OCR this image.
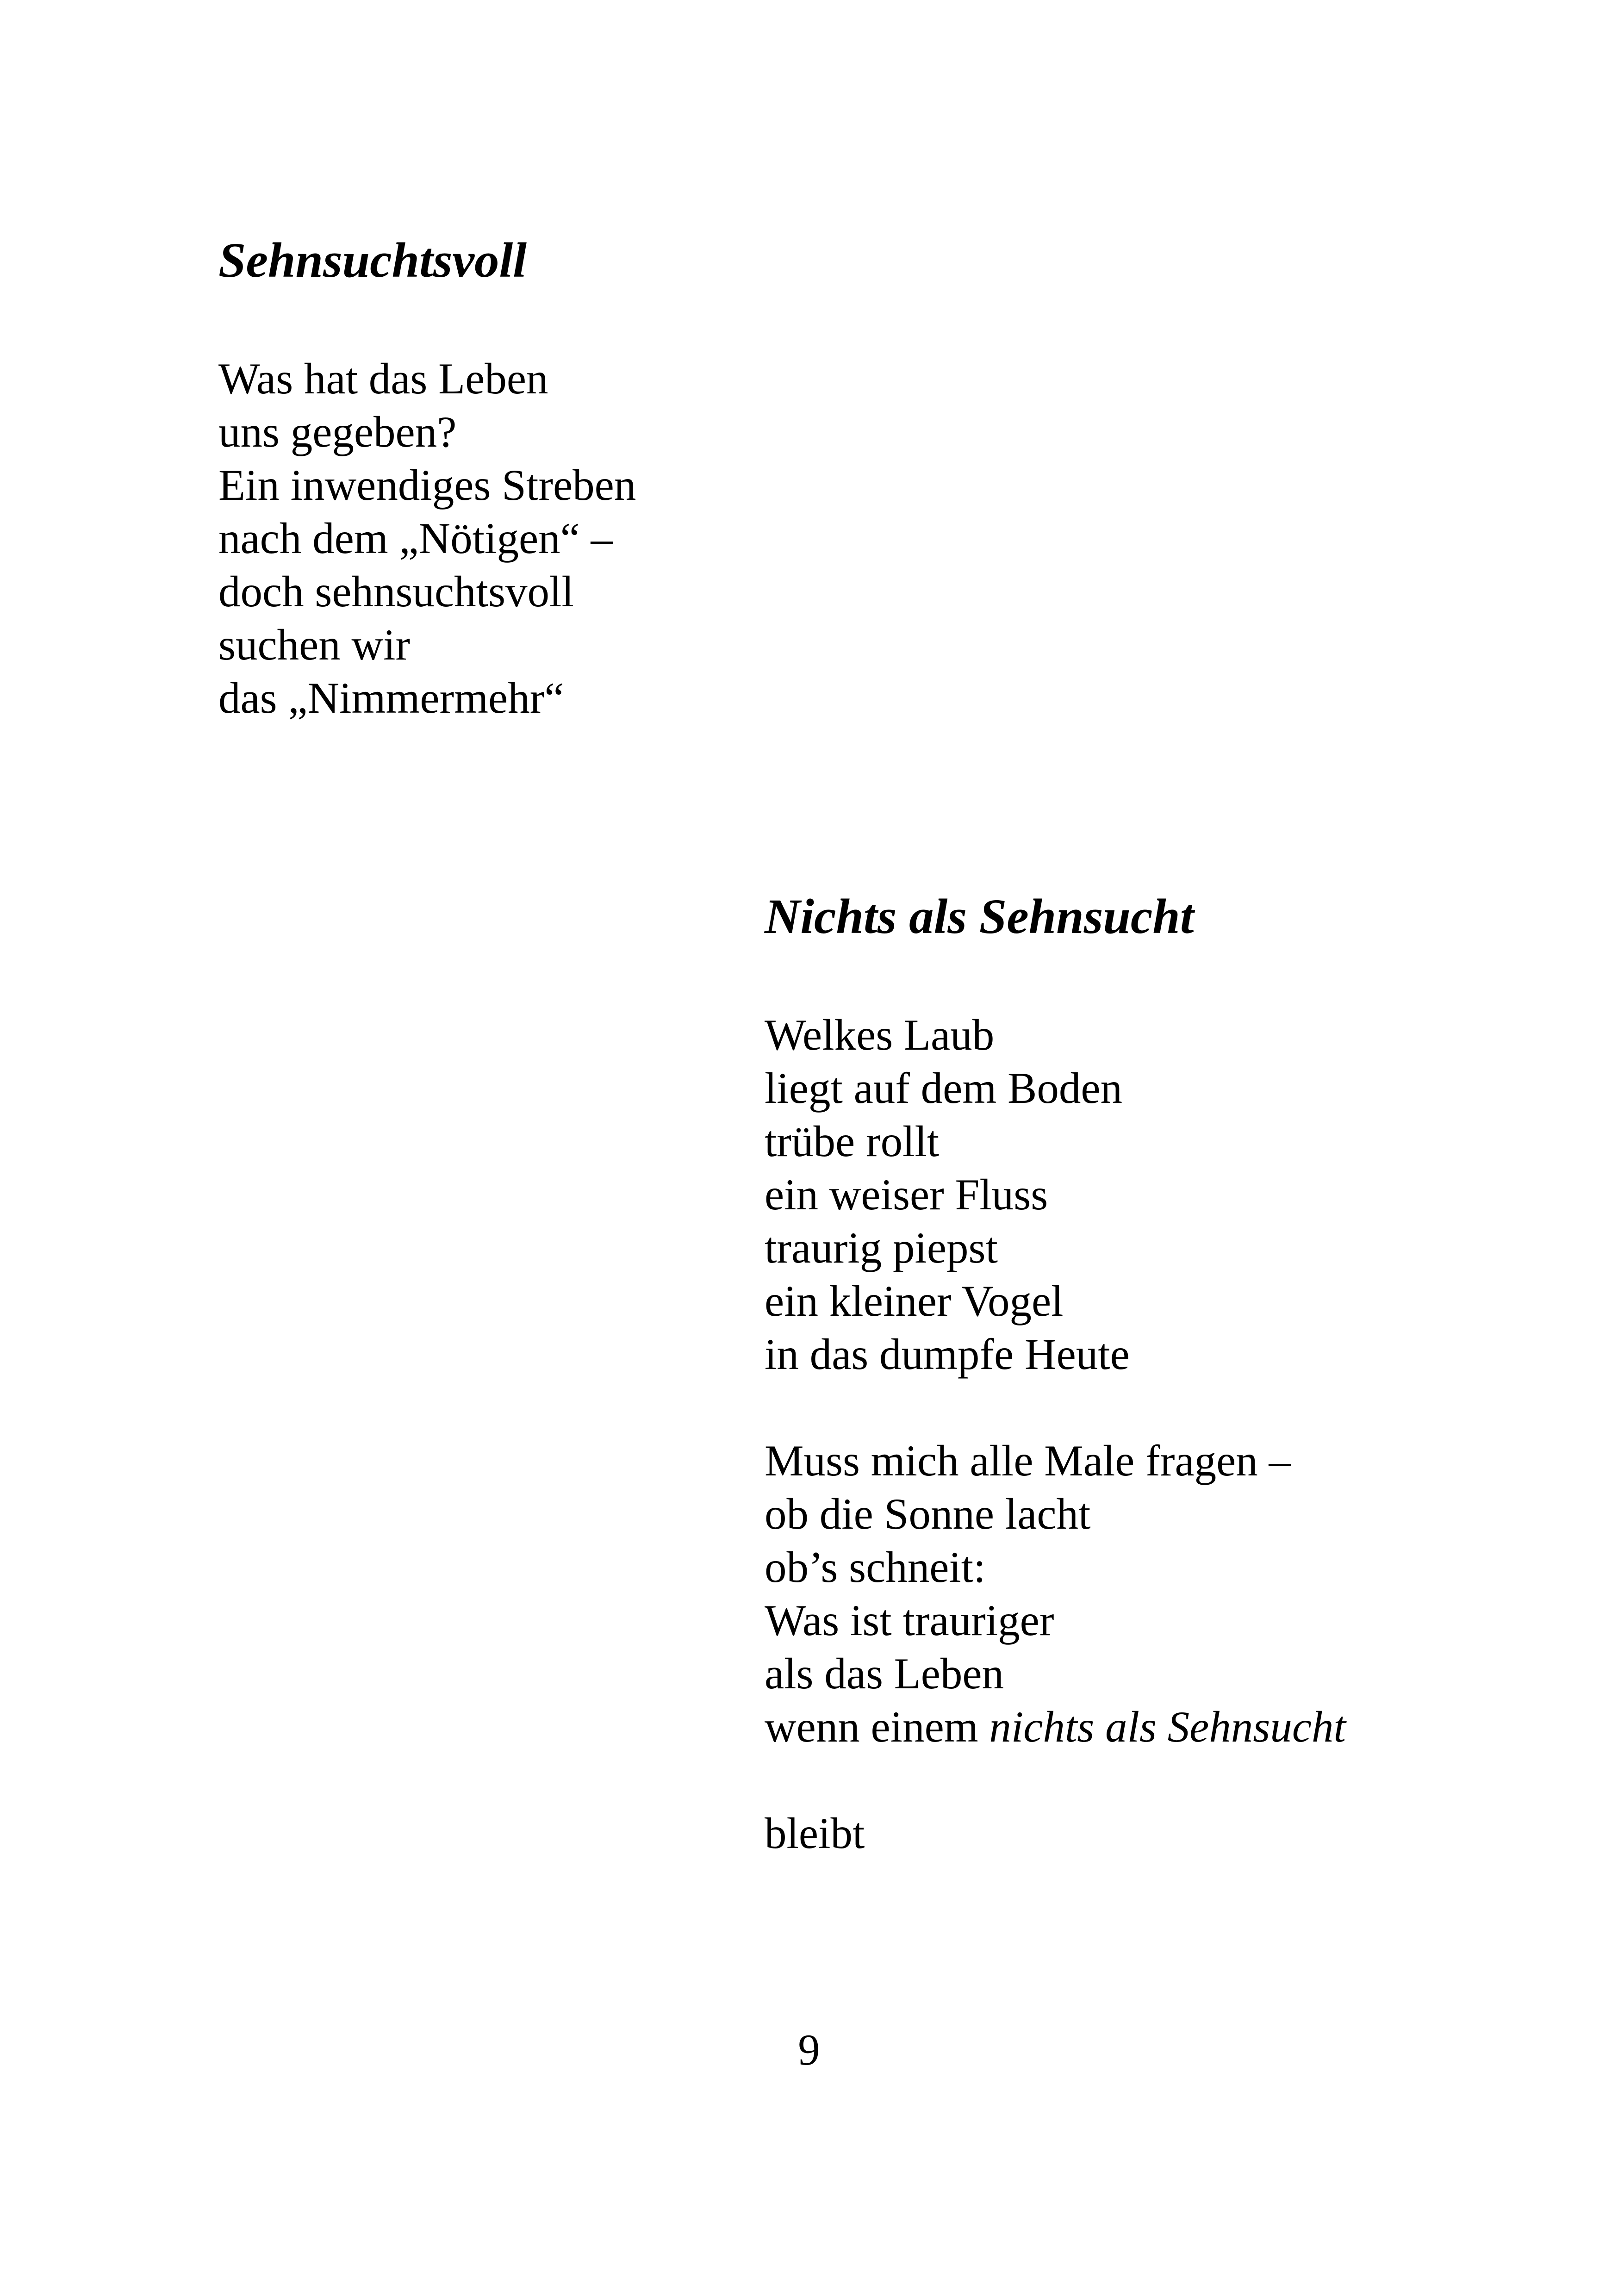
Sehnsuchtsvoll
Was hat das Leben
uns gegeben?
Ein inwendiges Streben
nach dem „Nötigen“ –
doch sehnsuchtsvoll
suchen wir
das „Nimmermehr“
Nichts als Sehnsucht
Welkes Laub
liegt auf dem Boden
trübe rollt
ein weiser Fluss
traurig piepst
ein kleiner Vogel
in das dumpfe Heute
Muss mich alle Male fragen –
ob die Sonne lacht
ob’s schneit:
Was ist trauriger
als das Leben
wenn einem nichts als Sehnsucht
bleibt
9
